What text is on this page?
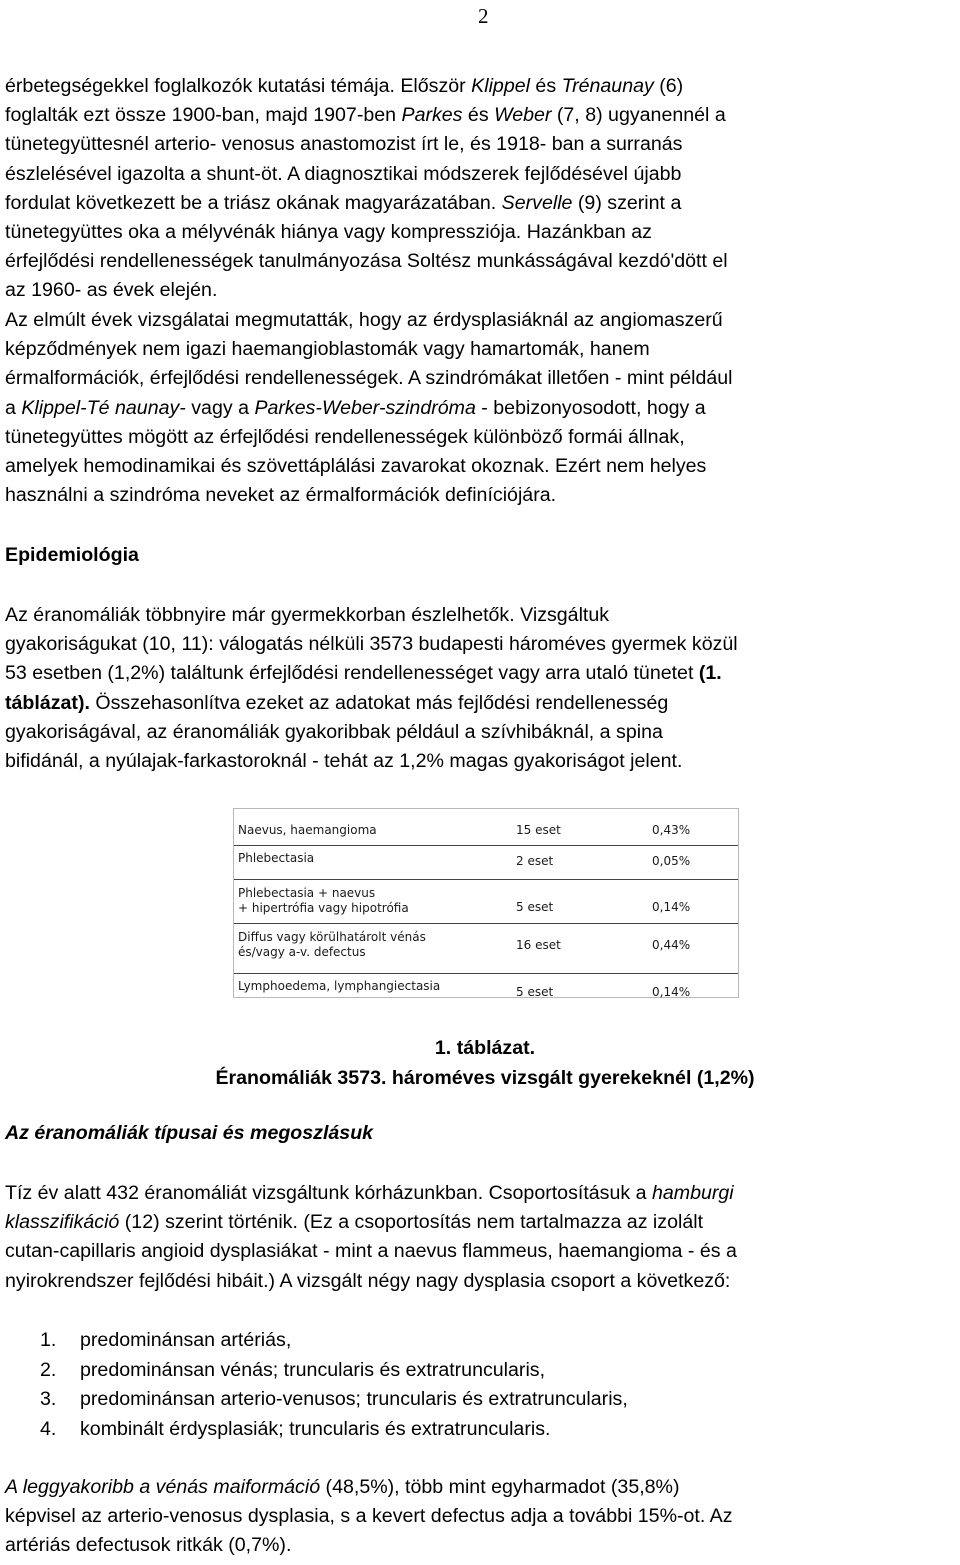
2
érbetegségekkel foglalkozók kutatási témája. Először Klippel és Trénaunay (6)
foglalták ezt össze 1900-ban, majd 1907-ben Parkes és Weber (7, 8) ugyanennél a
tünetegyüttesnél arterio- venosus anastomozist írt le, és 1918- ban a surranás
észlelésével igazolta a shunt-öt. A diagnosztikai módszerek fejlődésével újabb
fordulat következett be a triász okának magyarázatában. Servelle (9) szerint a
tünetegyüttes oka a mélyvénák hiánya vagy kompressziója. Hazánkban az
érfejlődési rendellenességek tanulmányozása Soltész munkásságával kezdó'dött el
az 1960- as évek elején.
Az elmúlt évek vizsgálatai megmutatták, hogy az érdysplasiáknál az angiomaszerű
képződmények nem igazi haemangioblastomák vagy hamartomák, hanem
érmalformációk, érfejlődési rendellenességek. A szindrómákat illetően - mint például
a Klippel-Té naunay- vagy a Parkes-Weber-szindróma - bebizonyosodott, hogy a
tünetegyüttes mögött az érfejlődési rendellenességek különböző formái állnak,
amelyek hemodinamikai és szövettáplálási zavarokat okoznak. Ezért nem helyes
használni a szindróma neveket az érmalformációk definíciójára.
Epidemiológia
Az éranomáliák többnyire már gyermekkorban észlelhetők. Vizsgáltuk
gyakoriságukat (10, 11): válogatás nélküli 3573 budapesti hároméves gyermek közül
53 esetben (1,2%) találtunk érfejlődési rendellenességet vagy arra utaló tünetet (1.
táblázat). Összehasonlítva ezeket az adatokat más fejlődési rendellenesség
gyakoriságával, az éranomáliák gyakoribbak például a szívhibáknál, a spina
bifidánál, a nyúlajak-farkastoroknál - tehát az 1,2% magas gyakoriságot jelent.
Naevus, haemangioma	15 eset	0,43%
Phlebectasia	2 eset	0,05%
Phlebectasia + naevus
+ hipertrófia vagy hipotrófia	5 eset	0,14%
Diffus vagy körülhatárolt vénás
és/vagy a-v. defectus	16 eset	0,44%
Lymphoedema, lymphangiectasia	5 eset	0,14%
1. táblázat.
Éranomáliák 3573. hároméves vizsgált gyerekeknél (1,2%)
Az éranomáliák típusai és megoszlásuk
Tíz év alatt 432 éranomáliát vizsgáltunk kórházunkban. Csoportosításuk a hamburgi
klasszifikáció (12) szerint történik. (Ez a csoportosítás nem tartalmazza az izolált
cutan-capillaris angioid dysplasiákat - mint a naevus flammeus, haemangioma - és a
nyirokrendszer fejlődési hibáit.) A vizsgált négy nagy dysplasia csoport a következő:
1. predominánsan artériás,
2. predominánsan vénás; truncularis és extratruncularis,
3. predominánsan arterio-venusos; truncularis és extratruncularis,
4. kombinált érdysplasiák; truncularis és extratruncularis.
A leggyakoribb a vénás maiformáció (48,5%), több mint egyharmadot (35,8%)
képvisel az arterio-venosus dysplasia, s a kevert defectus adja a további 15%-ot. Az
artériás defectusok ritkák (0,7%).
